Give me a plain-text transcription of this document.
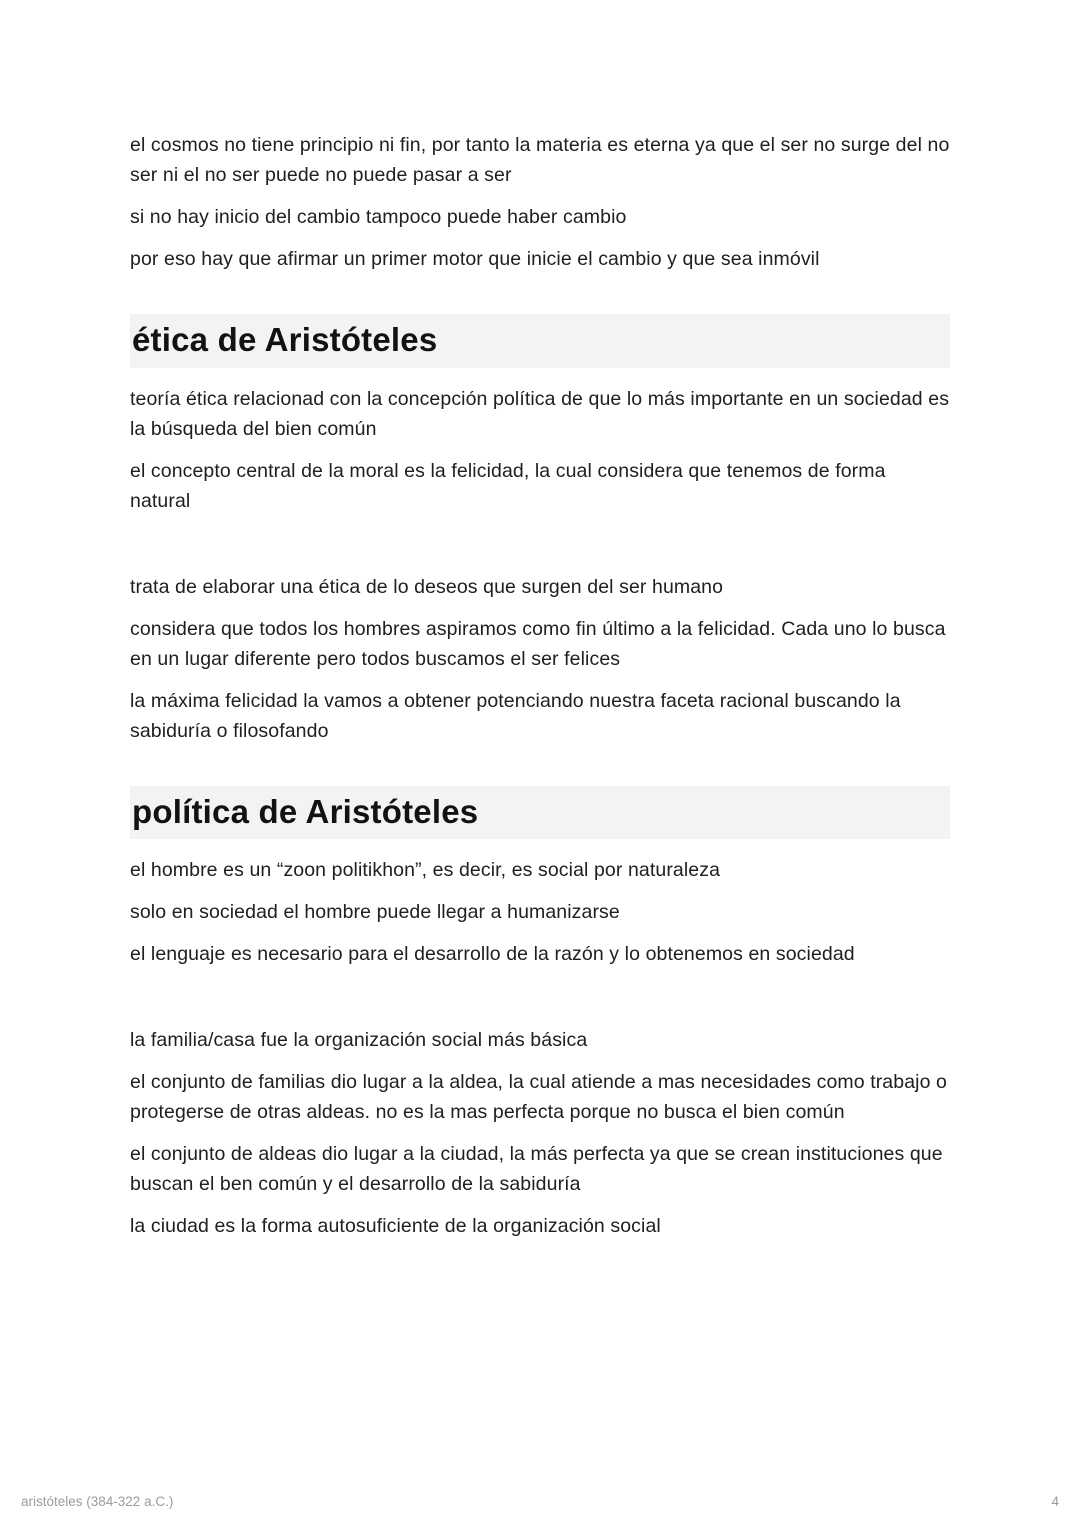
el cosmos no tiene principio ni fin, por tanto la materia es eterna ya que el ser no surge del no ser ni el no ser puede no puede pasar a ser

si no hay inicio del cambio tampoco puede haber cambio

por eso hay que afirmar un primer motor que inicie el cambio y que sea inmóvil

ética de Aristóteles

teoría ética relacionad con la concepción política de que lo más importante en un sociedad es la búsqueda del bien común

el concepto central de la moral es la felicidad, la cual considera que tenemos de forma natural

trata de elaborar una ética de lo deseos que surgen del ser humano

considera que todos los hombres aspiramos como fin último a la felicidad. Cada uno lo busca en un lugar diferente pero todos buscamos el ser felices

la máxima felicidad la vamos a obtener potenciando nuestra faceta racional buscando la sabiduría o filosofando

política de Aristóteles

el hombre es un “zoon politikhon”, es decir, es social por naturaleza

solo en sociedad el hombre puede llegar a humanizarse

el lenguaje es necesario para el desarrollo de la razón y lo obtenemos en sociedad

la familia/casa fue la organización social más básica

el conjunto de familias dio lugar a la aldea, la cual atiende a mas necesidades como trabajo o protegerse de otras aldeas. no es la mas perfecta porque no busca el bien común

el conjunto de aldeas dio lugar a la ciudad, la más perfecta ya que se crean instituciones que buscan el ben común y el desarrollo de la sabiduría

la ciudad es la forma autosuficiente de la organización social

aristóteles (384-322 a.C.)	4
